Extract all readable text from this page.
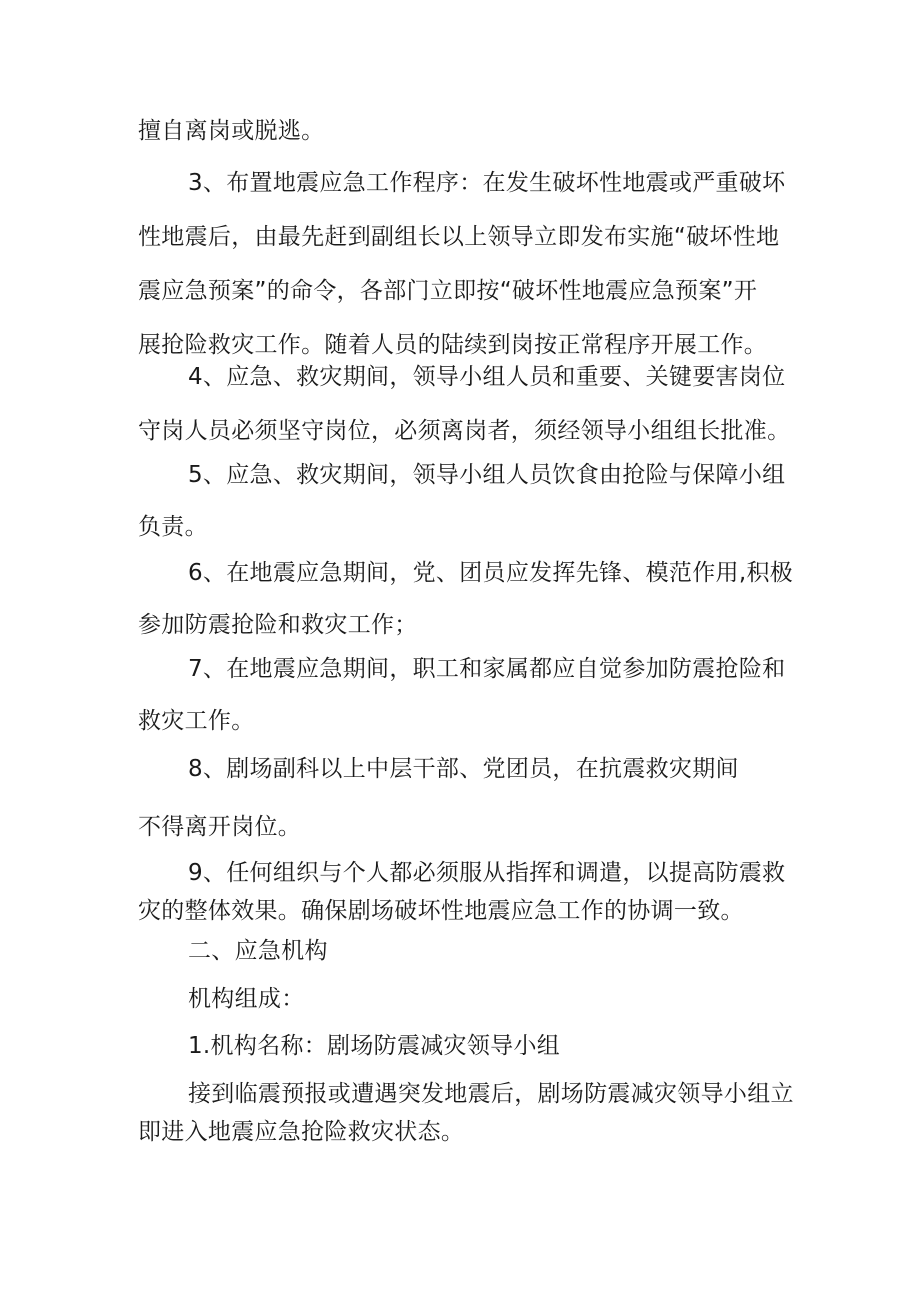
擅自离岗或脱逃。
3、布置地震应急工作程序：在发生破坏性地震或严重破坏
性地震后，由最先赶到副组长以上领导立即发布实施“破坏性地
震应急预案”的命令，各部门立即按“破坏性地震应急预案”开
展抢险救灾工作。随着人员的陆续到岗按正常程序开展工作。
4、应急、救灾期间，领导小组人员和重要、关键要害岗位
守岗人员必须坚守岗位，必须离岗者，须经领导小组组长批准。
5、应急、救灾期间，领导小组人员饮食由抢险与保障小组
负责。
6、在地震应急期间，党、团员应发挥先锋、模范作用,积极
参加防震抢险和救灾工作；
7、在地震应急期间，职工和家属都应自觉参加防震抢险和
救灾工作。
8、剧场副科以上中层干部、党团员，在抗震救灾期间
不得离开岗位。
9、任何组织与个人都必须服从指挥和调遣，以提高防震救
灾的整体效果。确保剧场破坏性地震应急工作的协调一致。
二、应急机构
机构组成：
1.机构名称：剧场防震减灾领导小组
接到临震预报或遭遇突发地震后，剧场防震减灾领导小组立
即进入地震应急抢险救灾状态。
